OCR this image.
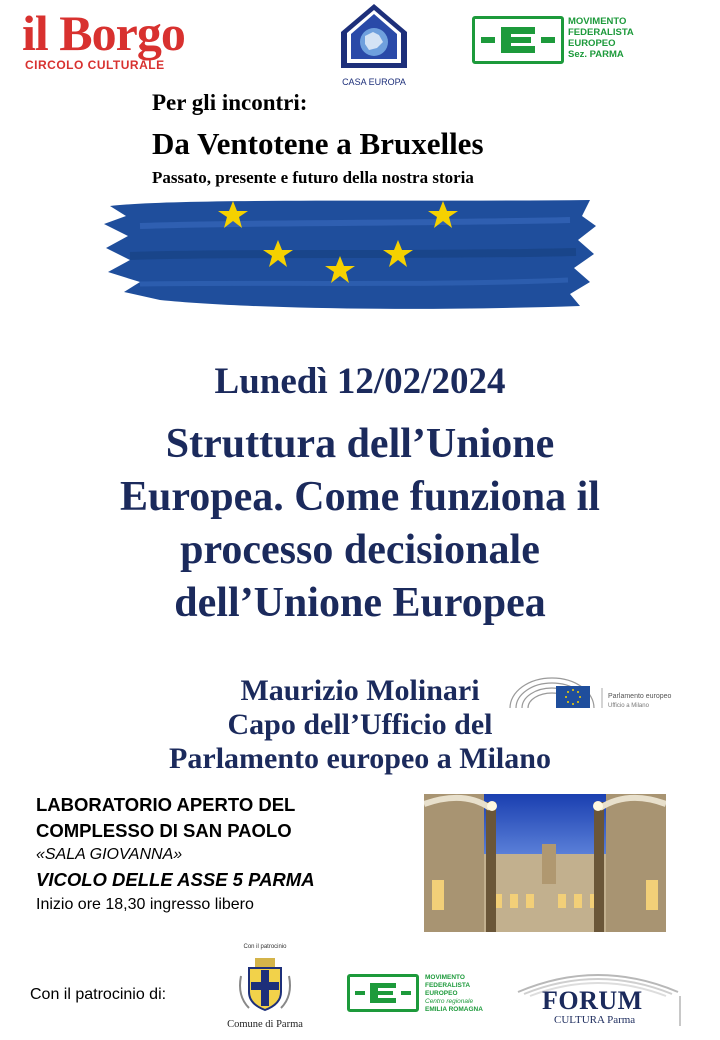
il Borgo
CIRCOLO CULTURALE
CASA EUROPA
MOVIMENTO
FEDERALISTA
EUROPEO
Sez. PARMA
Per gli incontri:
Da Ventotene a Bruxelles
Passato, presente e futuro della nostra storia
Lunedì 12/02/2024
Struttura dell’Unione
Europea. Come funziona il
processo decisionale
dell’Unione Europea
Maurizio Molinari
Capo dell’Ufficio del
Parlamento europeo a Milano
Parlamento europeo
Ufficio a Milano
LABORATORIO APERTO DEL
COMPLESSO DI SAN PAOLO
«SALA GIOVANNA»
VICOLO DELLE ASSE 5 PARMA
Inizio ore 18,30 ingresso libero
Con il patrocinio di:
Con il patrocinio
Comune di Parma
MOVIMENTO
FEDERALISTA
EUROPEO
Centro regionale
EMILIA ROMAGNA FORUM
CULTURA Parma
